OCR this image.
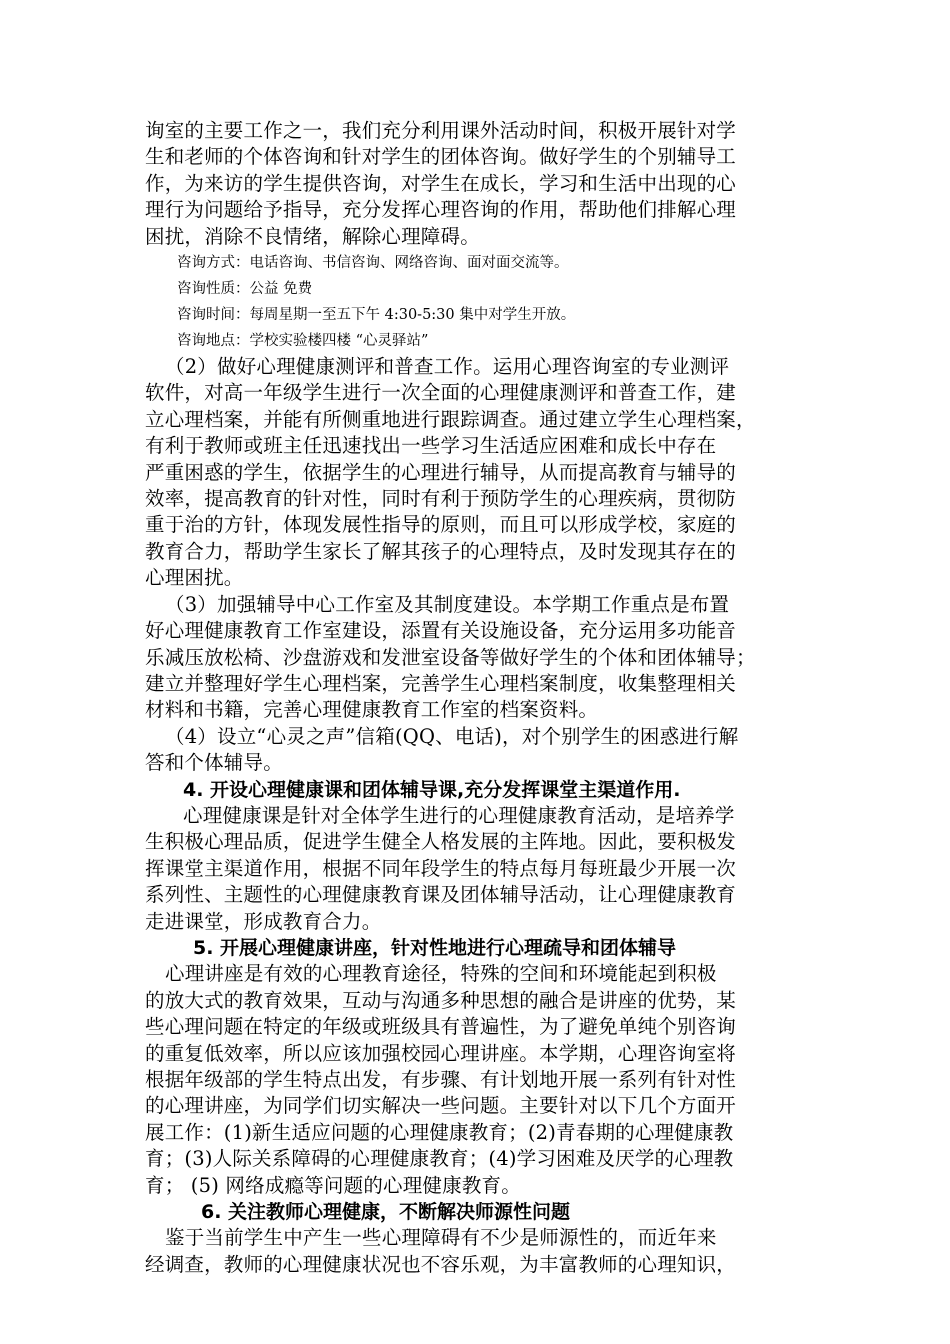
询室的主要工作之一，我们充分利用课外活动时间，积极开展针对学
生和老师的个体咨询和针对学生的团体咨询。做好学生的个别辅导工
作，为来访的学生提供咨询，对学生在成长，学习和生活中出现的心
理行为问题给予指导，充分发挥心理咨询的作用，帮助他们排解心理
困扰，消除不良情绪，解除心理障碍。
咨询方式：电话咨询、书信咨询、网络咨询、面对面交流等。
咨询性质：公益 免费
咨询时间：每周星期一至五下午 4:30-5:30 集中对学生开放。
咨询地点：学校实验楼四楼 “心灵驿站”
（2）做好心理健康测评和普查工作。运用心理咨询室的专业测评
软件，对高一年级学生进行一次全面的心理健康测评和普查工作，建
立心理档案，并能有所侧重地进行跟踪调查。通过建立学生心理档案，
有利于教师或班主任迅速找出一些学习生活适应困难和成长中存在
严重困惑的学生，依据学生的心理进行辅导，从而提高教育与辅导的
效率，提高教育的针对性，同时有利于预防学生的心理疾病，贯彻防
重于治的方针，体现发展性指导的原则，而且可以形成学校，家庭的
教育合力，帮助学生家长了解其孩子的心理特点，及时发现其存在的
心理困扰。
（3）加强辅导中心工作室及其制度建设。本学期工作重点是布置
好心理健康教育工作室建设，添置有关设施设备，充分运用多功能音
乐减压放松椅、沙盘游戏和发泄室设备等做好学生的个体和团体辅导；
建立并整理好学生心理档案，完善学生心理档案制度，收集整理相关
材料和书籍，完善心理健康教育工作室的档案资料。
（4）设立“心灵之声”信箱(QQ、电话)，对个别学生的困惑进行解
答和个体辅导。
4. 开设心理健康课和团体辅导课,充分发挥课堂主渠道作用.
心理健康课是针对全体学生进行的心理健康教育活动，是培养学
生积极心理品质，促进学生健全人格发展的主阵地。因此，要积极发
挥课堂主渠道作用，根据不同年段学生的特点每月每班最少开展一次
系列性、主题性的心理健康教育课及团体辅导活动，让心理健康教育
走进课堂，形成教育合力。
5. 开展心理健康讲座，针对性地进行心理疏导和团体辅导
心理讲座是有效的心理教育途径，特殊的空间和环境能起到积极
的放大式的教育效果，互动与沟通多种思想的融合是讲座的优势，某
些心理问题在特定的年级或班级具有普遍性，为了避免单纯个别咨询
的重复低效率，所以应该加强校园心理讲座。本学期，心理咨询室将
根据年级部的学生特点出发，有步骤、有计划地开展一系列有针对性
的心理讲座，为同学们切实解决一些问题。主要针对以下几个方面开
展工作：(1)新生适应问题的心理健康教育；(2)青春期的心理健康教
育；(3)人际关系障碍的心理健康教育；(4)学习困难及厌学的心理教
育； (5) 网络成瘾等问题的心理健康教育。
6. 关注教师心理健康，不断解决师源性问题
鉴于当前学生中产生一些心理障碍有不少是师源性的，而近年来
经调查，教师的心理健康状况也不容乐观，为丰富教师的心理知识，
